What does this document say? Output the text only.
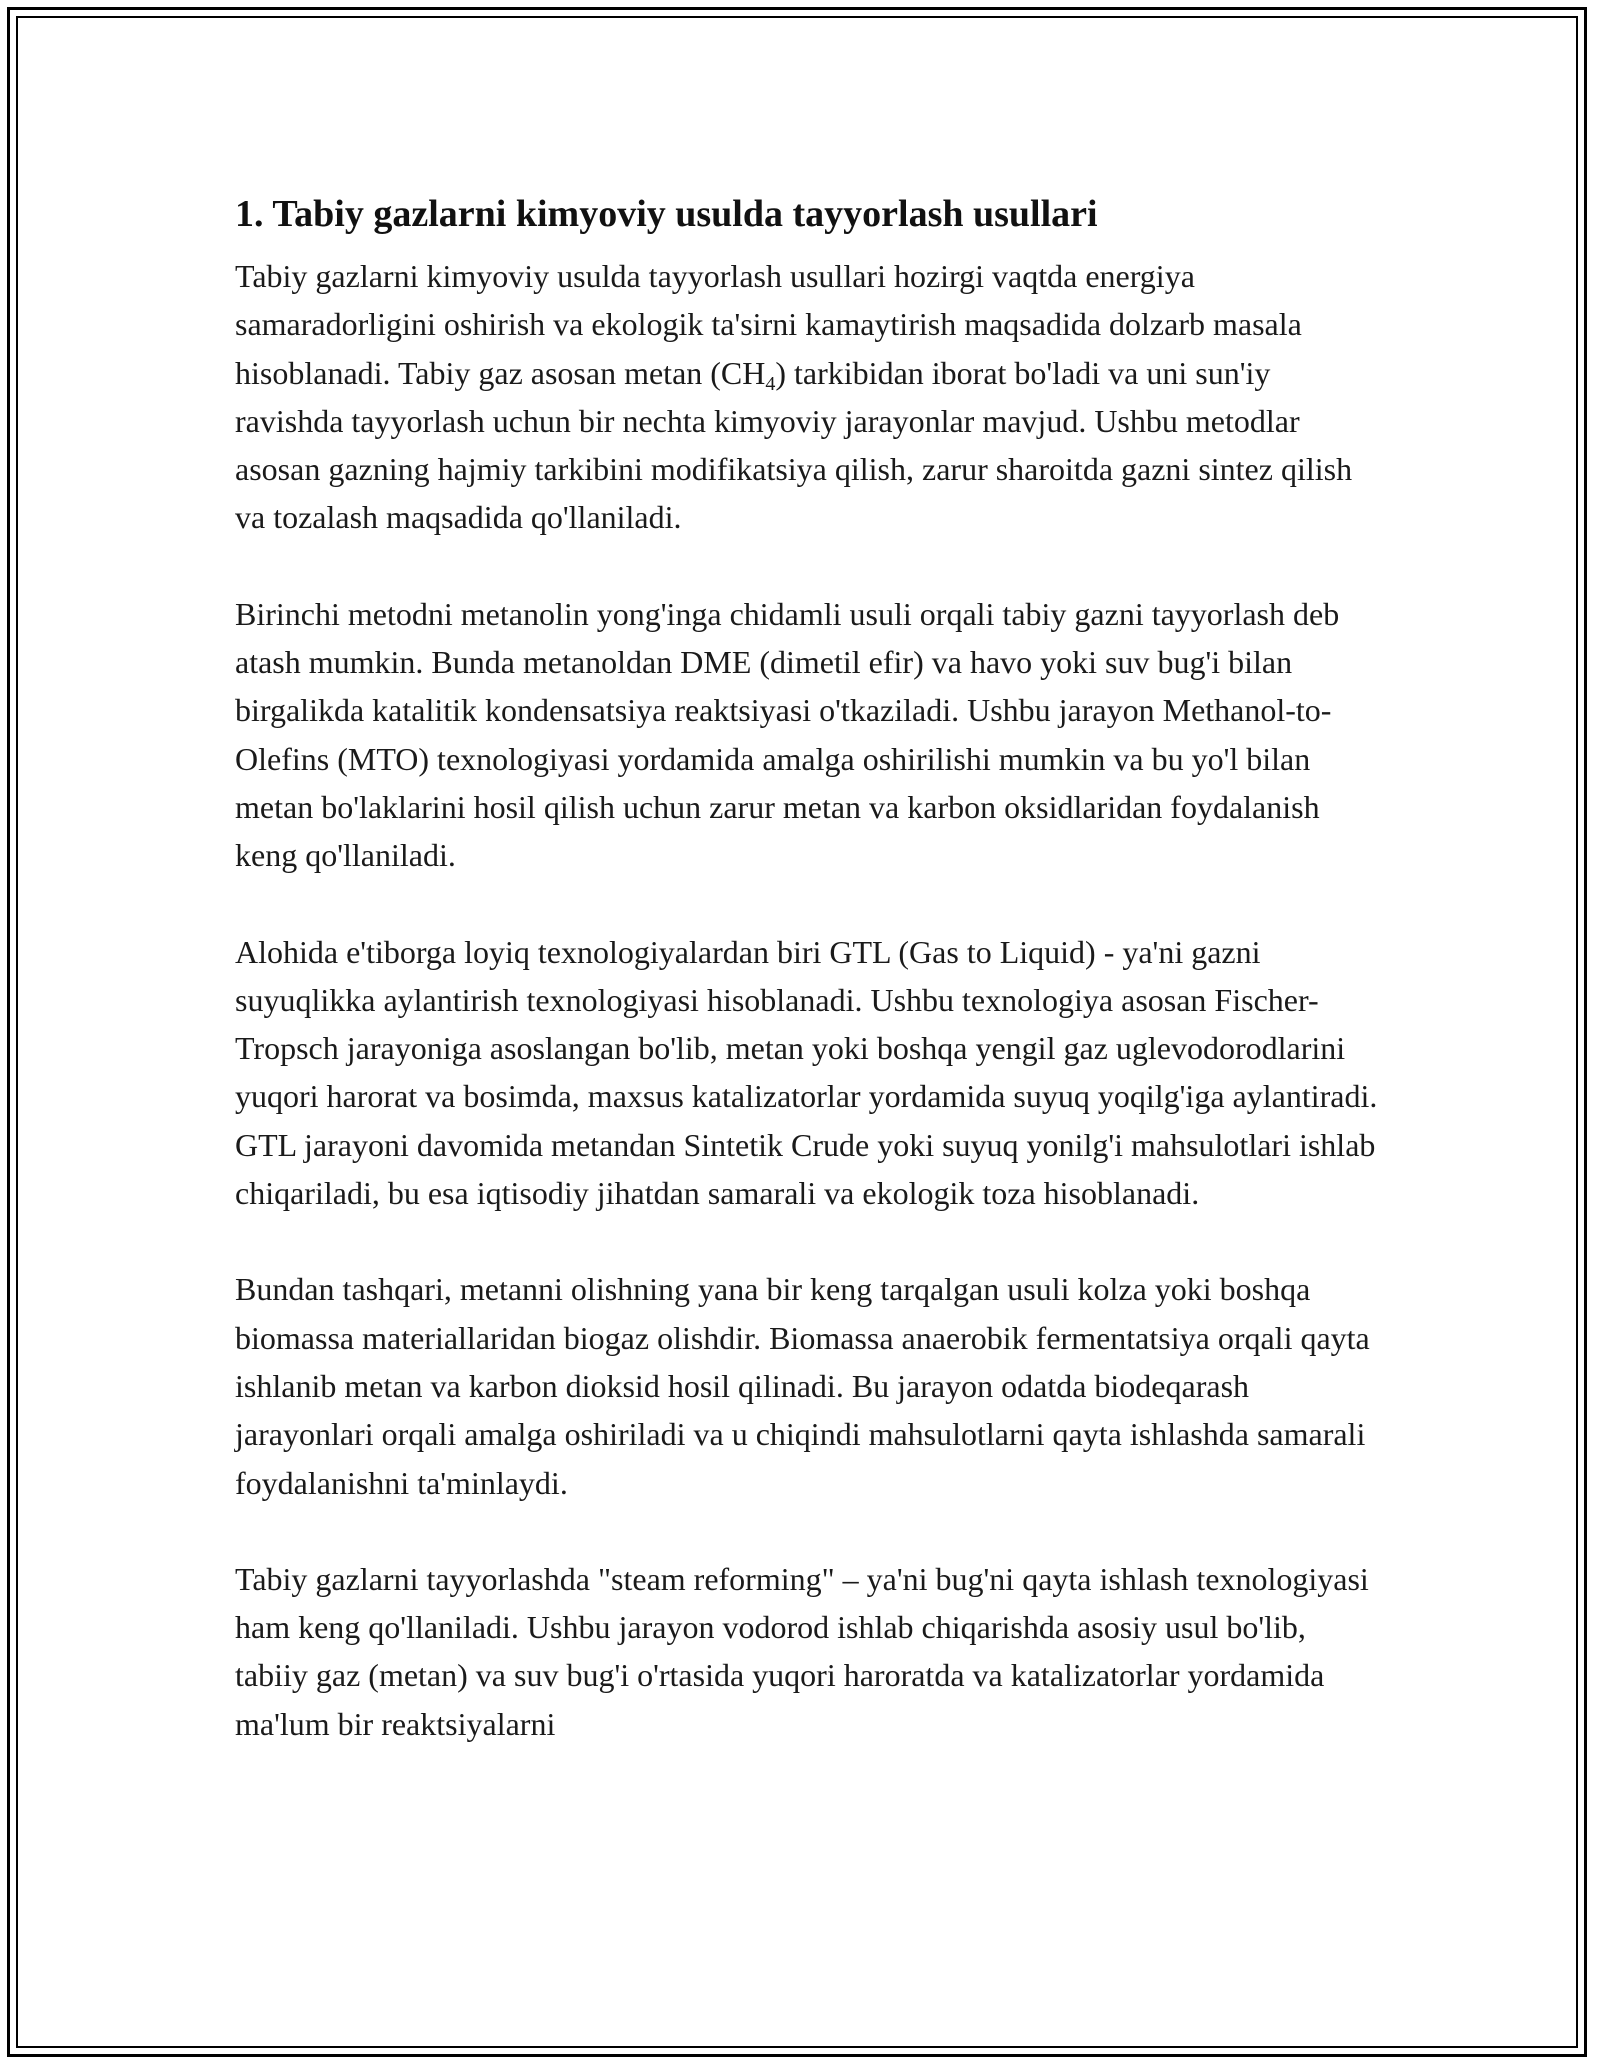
1. Tabiy gazlarni kimyoviy usulda tayyorlash usullari

Tabiy gazlarni kimyoviy usulda tayyorlash usullari hozirgi vaqtda energiya samaradorligini oshirish va ekologik ta'sirni kamaytirish maqsadida dolzarb masala hisoblanadi. Tabiy gaz asosan metan $(CH_4)$ tarkibidan iborat bo'ladi va uni sun'iy ravishda tayyorlash uchun bir nechta kimyoviy jarayonlar mavjud. Ushbu metodlar asosan gazning hajmiy tarkibini modifikatsiya qilish, zarur sharoitda gazni sintez qilish va tozalash maqsadida qo'llaniladi.

Birinchi metodni metanolin yong'inga chidamli usuli orqali tabiy gazni tayyorlash deb atash mumkin. Bunda metanoldan DME (dimetil efir) va havo yoki suv bug'i bilan birgalikda katalitik kondensatsiya reaktsiyasi o'tkaziladi. Ushbu jarayon Methanol-to-Olefins (MTO) texnologiyasi yordamida amalga oshirilishi mumkin va bu yo'l bilan metan bo'laklarini hosil qilish uchun zarur metan va karbon oksidlaridan foydalanish keng qo'llaniladi.

Alohida e'tiborga loyiq texnologiyalardan biri GTL (Gas to Liquid) - ya'ni gazni suyuqlikka aylantirish texnologiyasi hisoblanadi. Ushbu texnologiya asosan Fischer-Tropsch jarayoniga asoslangan bo'lib, metan yoki boshqa yengil gaz uglevodorodlarini yuqori harorat va bosimda, maxsus katalizatorlar yordamida suyuq yoqilg'iga aylantiradi. GTL jarayoni davomida metandan Sintetik Crude yoki suyuq yonilg'i mahsulotlari ishlab chiqariladi, bu esa iqtisodiy jihatdan samarali va ekologik toza hisoblanadi.

Bundan tashqari, metanni olishning yana bir keng tarqalgan usuli kolza yoki boshqa biomassa materiallaridan biogaz olishdir. Biomassa anaerobik fermentatsiya orqali qayta ishlanib metan va karbon dioksid hosil qilinadi. Bu jarayon odatda biodeqarash jarayonlari orqali amalga oshiriladi va u chiqindi mahsulotlarni qayta ishlashda samarali foydalanishni ta'minlaydi.

Tabiy gazlarni tayyorlashda "steam reforming" – ya'ni bug'ni qayta ishlash texnologiyasi ham keng qo'llaniladi. Ushbu jarayon vodorod ishlab chiqarishda asosiy usul bo'lib, tabiiy gaz (metan) va suv bug'i o'rtasida yuqori haroratda va katalizatorlar yordamida ma'lum bir reaktsiyalarni
